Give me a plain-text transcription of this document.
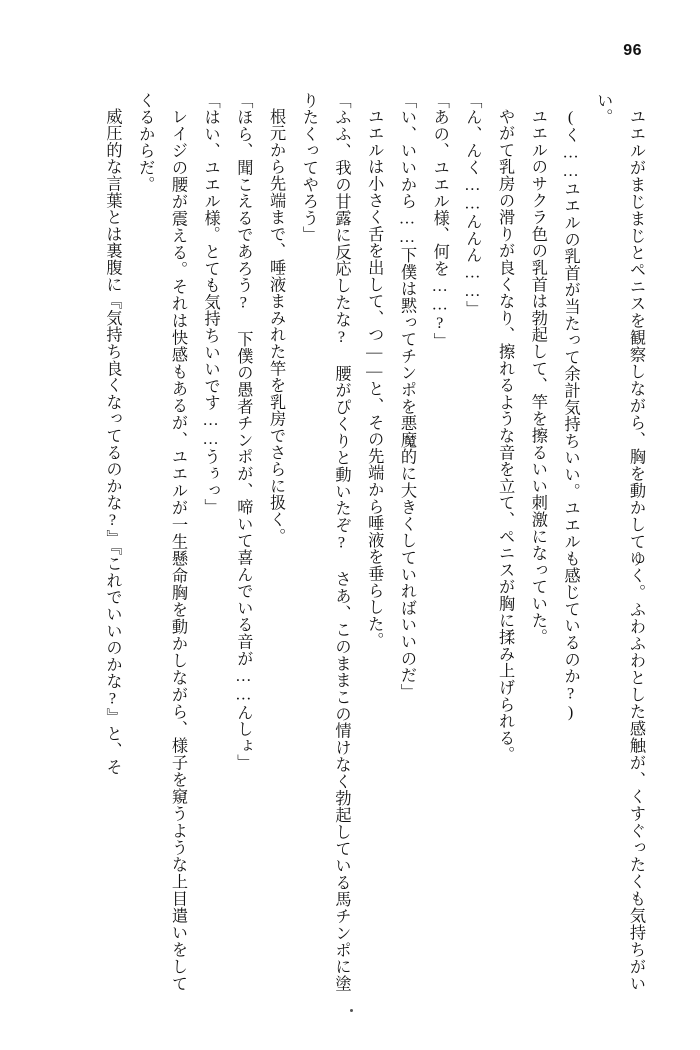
96

ユエルがまじまじとペニスを観察しながら、胸を動かしてゆく。ふわふわとした感触が、くすぐったくも気持ちがいい。

(く……ユエルの乳首が当たって余計気持ちいい。ユエルも感じているのか?)

ユエルのサクラ色の乳首は勃起して、竿を擦るいい刺激になっていた。

やがて乳房の滑りが良くなり、擦れるような音を立て、ペニスが胸に揉み上げられる。

「ん、んく……んんん……」

「あの、ユエル様、何を……?」

「い、いいから……下僕は黙ってチンポを悪魔的に大きくしていればいいのだ」

ユエルは小さく舌を出して、つ——と、その先端から唾液を垂らした。

「ふふ、我の甘露に反応したな? 腰がぴくりと動いたぞ? さあ、このままこの情けなく勃起している馬チンポに塗りたくってやろう」

根元から先端まで、唾液まみれた竿を乳房でさらに扱く。

「ほら、聞こえるであろう? 下僕の愚者チンポが、啼いて喜んでいる音が……んしょ」

「はい、ユエル様。とても気持ちいいです……うぅっ」

レイジの腰が震える。それは快感もあるが、ユエルが一生懸命胸を動かしながら、様子を窺うような上目遣いをしてくるからだ。

威圧的な言葉とは裏腹に『気持ち良くなってるのかな?』『これでいいのかな?』と、そ
